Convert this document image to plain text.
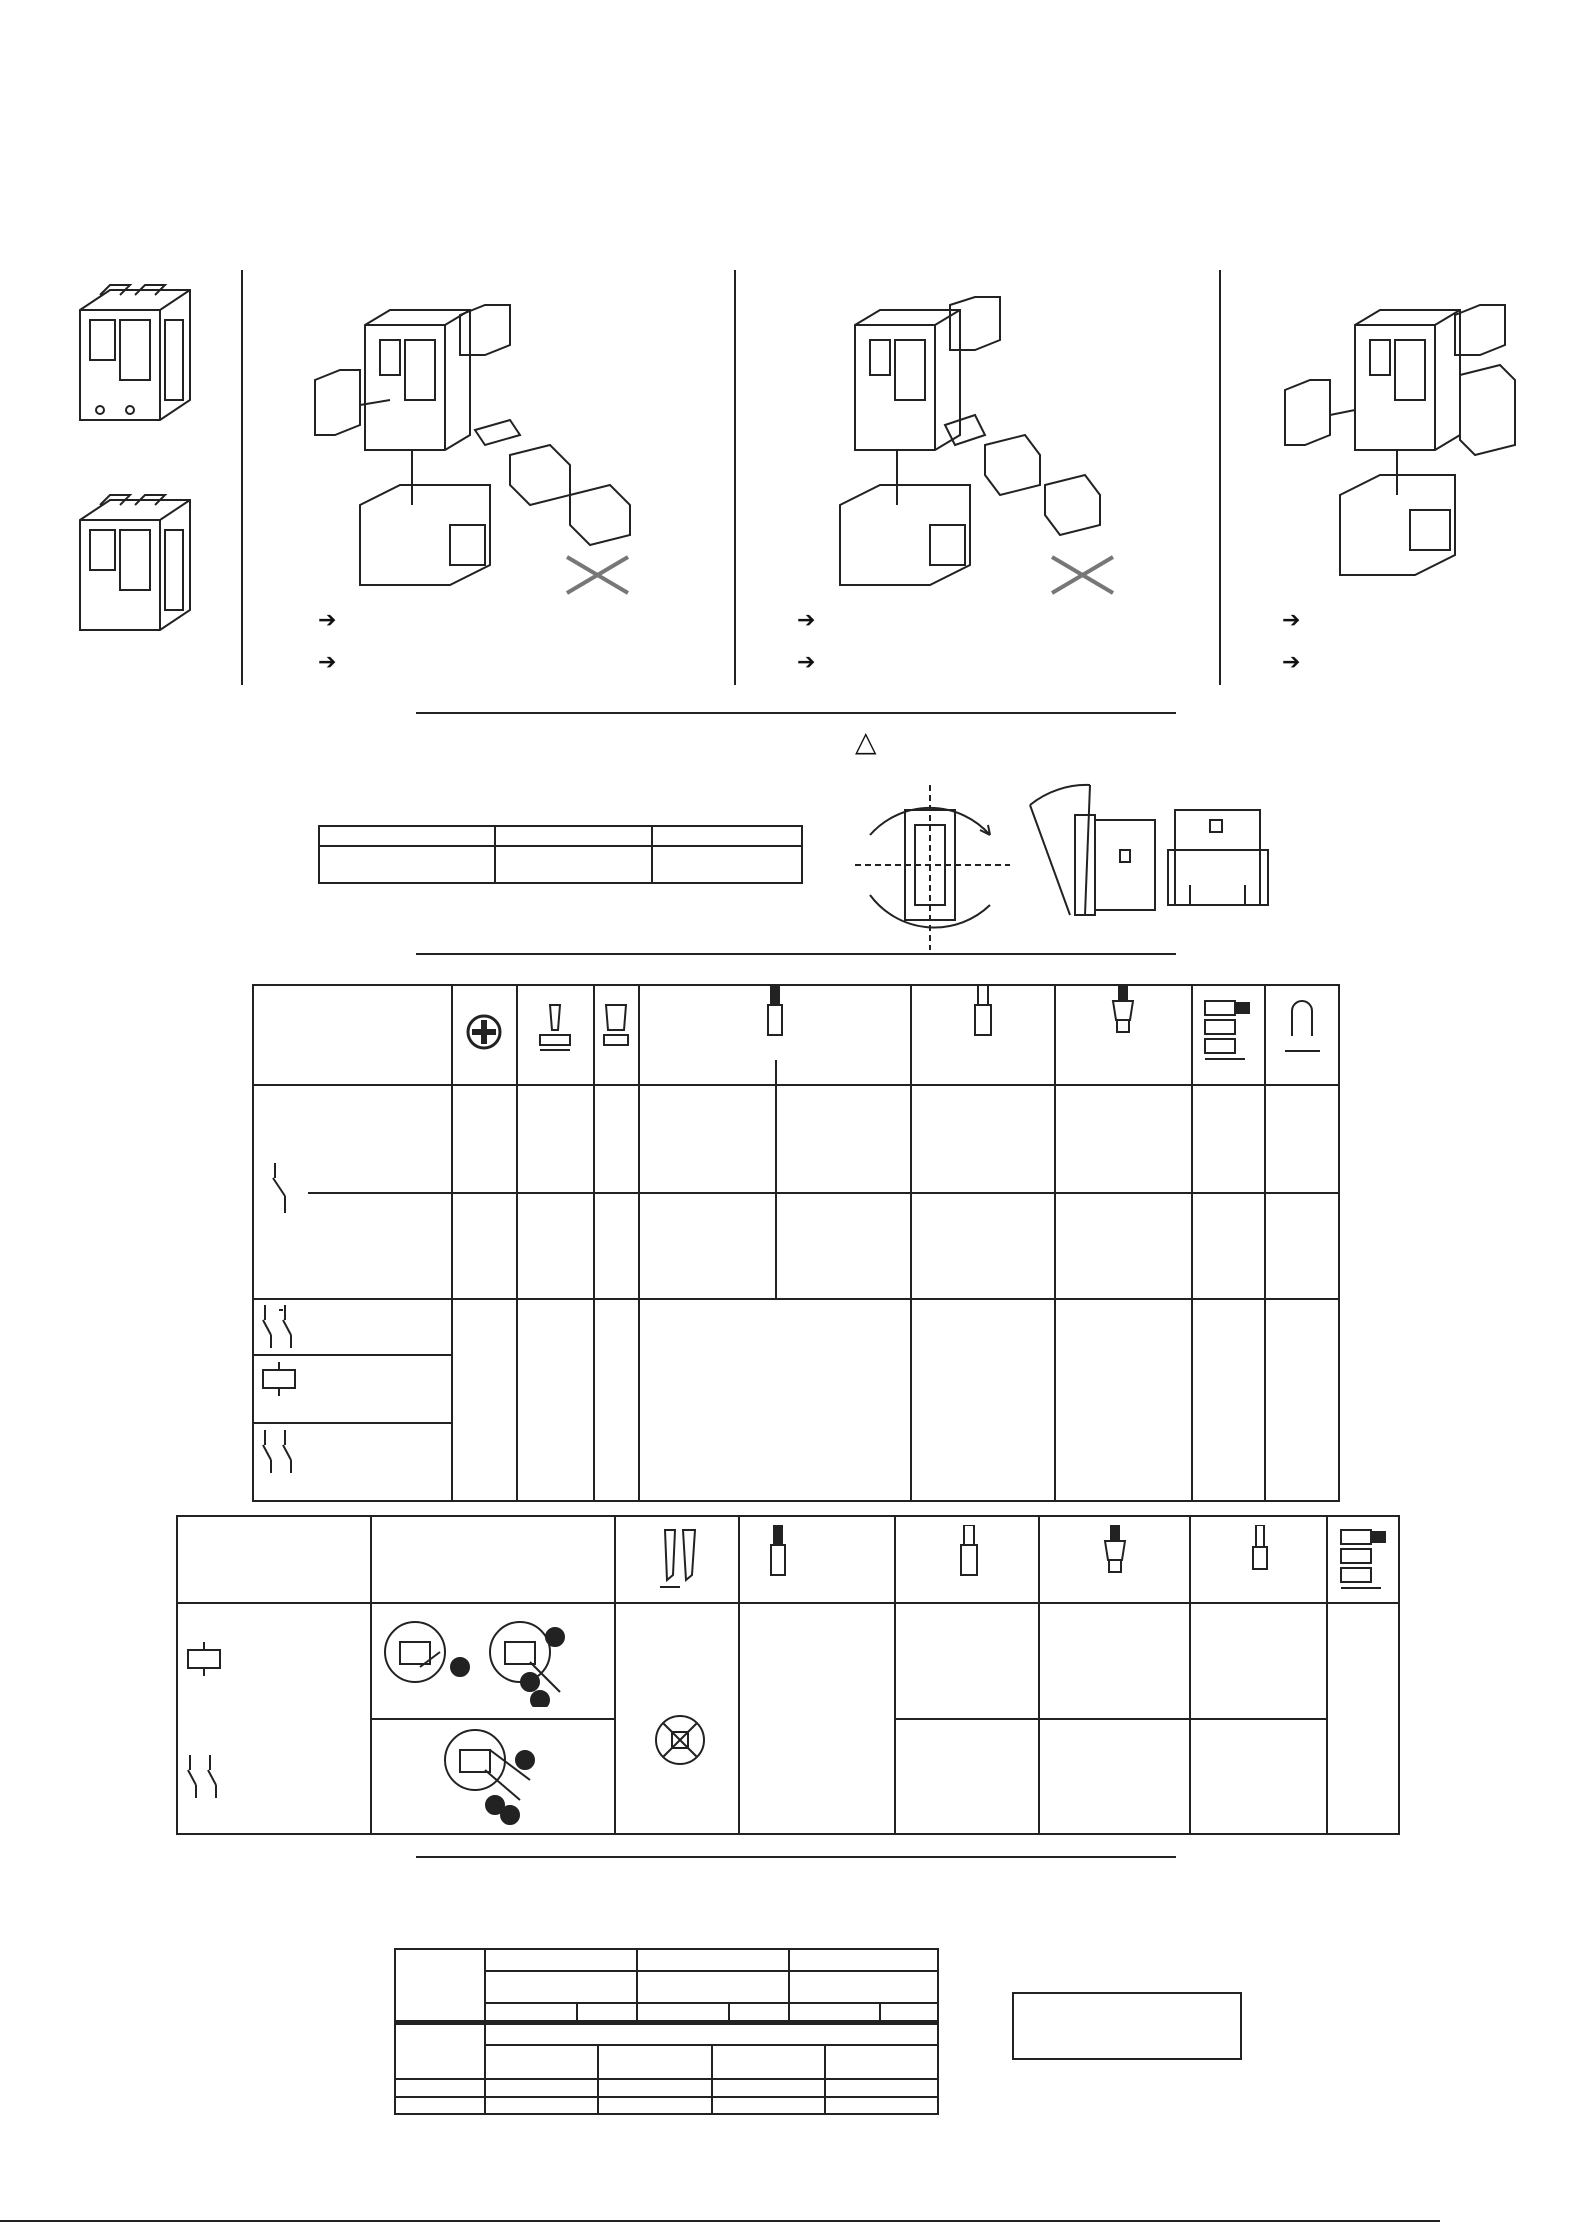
➔
➔
➔
➔
➔
➔
△
